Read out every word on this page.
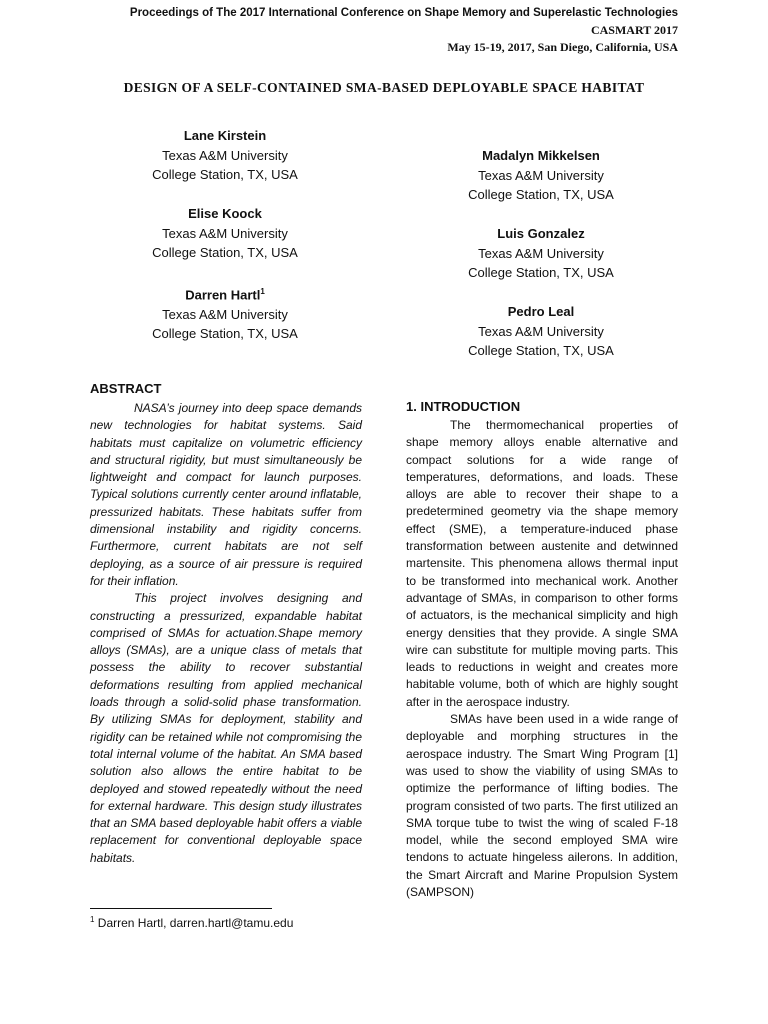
Proceedings of The 2017 International Conference on Shape Memory and Superelastic Technologies
CASMART 2017
May 15-19, 2017, San Diego, California, USA
DESIGN OF A SELF-CONTAINED SMA-BASED DEPLOYABLE SPACE HABITAT
Lane Kirstein
Texas A&M University
College Station, TX, USA
Elise Koock
Texas A&M University
College Station, TX, USA
Darren Hartl$^1$
Texas A&M University
College Station, TX, USA
Madalyn Mikkelsen
Texas A&M University
College Station, TX, USA
Luis Gonzalez
Texas A&M University
College Station, TX, USA
Pedro Leal
Texas A&M University
College Station, TX, USA
ABSTRACT

NASA’s journey into deep space demands new technologies for habitat systems. Said habitats must capitalize on volumetric efficiency and structural rigidity, but must simultaneously be lightweight and compact for launch purposes. Typical solutions currently center around inflatable, pressurized habitats. These habitats suffer from dimensional instability and rigidity concerns. Furthermore, current habitats are not self deploying, as a source of air pressure is required for their inflation.

This project involves designing and constructing a pressurized, expandable habitat comprised of SMAs for actuation.Shape memory alloys (SMAs), are a unique class of metals that possess the ability to recover substantial deformations resulting from applied mechanical loads through a solid-solid phase transformation. By utilizing SMAs for deployment, stability and rigidity can be retained while not compromising the total internal volume of the habitat. An SMA based solution also allows the entire habitat to be deployed and stowed repeatedly without the need for external hardware. This design study illustrates that an SMA based deployable habit offers a viable replacement for conventional deployable space habitats.

1. INTRODUCTION

The thermomechanical properties of shape memory alloys enable alternative and compact solutions for a wide range of temperatures, deformations, and loads. These alloys are able to recover their shape to a predetermined geometry via the shape memory effect (SME), a temperature-induced phase transformation between austenite and detwinned martensite. This phenomena allows thermal input to be transformed into mechanical work. Another advantage of SMAs, in comparison to other forms of actuators, is the mechanical simplicity and high energy densities that they provide. A single SMA wire can substitute for multiple moving parts. This leads to reductions in weight and creates more habitable volume, both of which are highly sought after in the aerospace industry.

SMAs have been used in a wide range of deployable and morphing structures in the aerospace industry. The Smart Wing Program [1] was used to show the viability of using SMAs to optimize the performance of lifting bodies. The program consisted of two parts. The first utilized an SMA torque tube to twist the wing of scaled F-18 model, while the second employed SMA wire tendons to actuate hingeless ailerons. In addition, the Smart Aircraft and Marine Propulsion System (SAMPSON)

$^1$ Darren Hartl, darren.hartl@tamu.edu
